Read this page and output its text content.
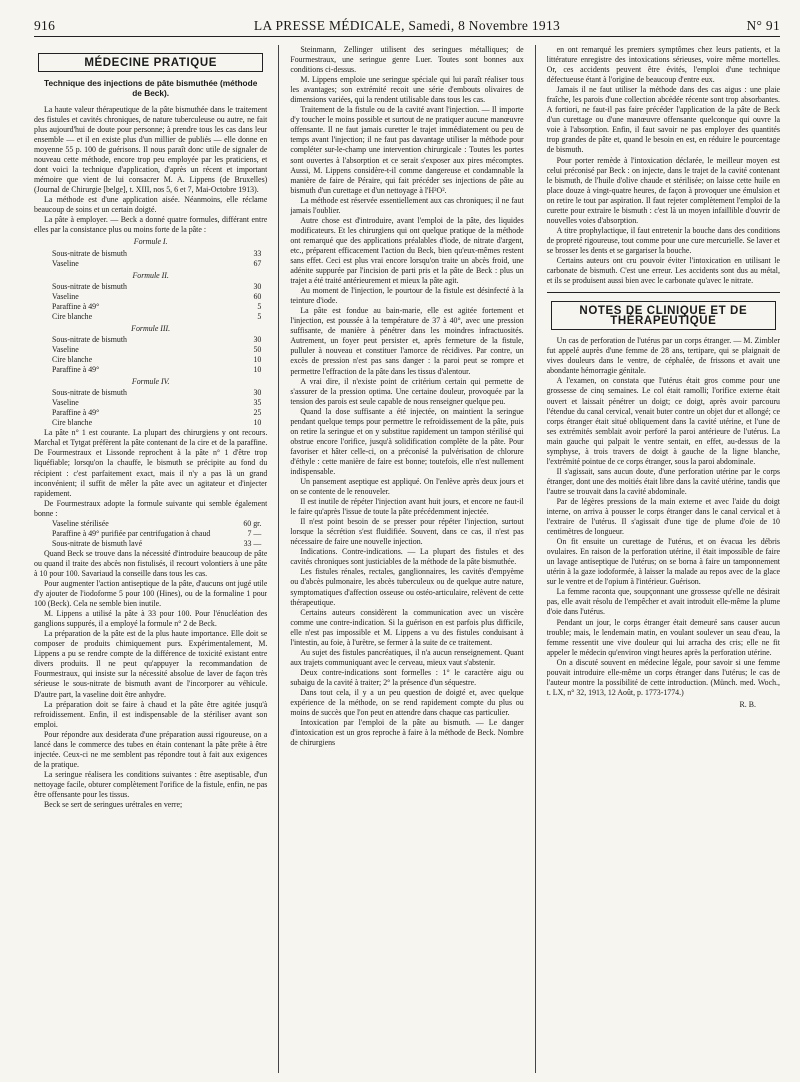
916	LA PRESSE MÉDICALE, Samedi, 8 Novembre 1913	N° 91
MÉDECINE PRATIQUE
Technique des injections de pâte bismuthée (méthode de Beck).

La haute valeur thérapeutique de la pâte bismuthée dans le traitement des fistules et cavités chroniques, de nature tuberculeuse ou autre, ne fait plus aujourd'hui de doute pour personne; à prendre tous les cas dans leur ensemble — et il en existe plus d'un millier de publiés — elle donne en moyenne 55 p. 100 de guérisons. Il nous paraît donc utile de signaler de nouveau cette méthode, encore trop peu employée par les praticiens, et dont voici la technique d'application, d'après un récent et important mémoire que vient de lui consacrer M. A. Lippens (de Bruxelles) (Journal de Chirurgie [belge], t. XIII, nos 5, 6 et 7, Mai-Octobre 1913).

La méthode est d'une application aisée. Néanmoins, elle réclame beaucoup de soins et un certain doigté.

La pâte à employer. — Beck a donné quatre formules, différant entre elles par la consistance plus ou moins forte de la pâte :

Formule I.
Sous-nitrate de bismuth	33
Vaseline	67
Formule II.
Sous-nitrate de bismuth	30
Vaseline	60
Paraffine à 49°	5
Cire blanche	5
Formule III.
Sous-nitrate de bismuth	30
Vaseline	50
Cire blanche	10
Paraffine à 49°	10
Formule IV.
Sous-nitrate de bismuth	30
Vaseline	35
Paraffine à 49°	25
Cire blanche	10

La pâte n° 1 est courante. La plupart des chirurgiens y ont recours. Marchal et Tytgat préfèrent la pâte contenant de la cire et de la paraffine. De Fourmestraux et Lissonde reprochent à la pâte n° 1 d'être trop liquéfiable; lorsqu'on la chauffe, le bismuth se précipite au fond du récipient : c'est parfaitement exact, mais il n'y a pas là un grand inconvénient; il suffit de mêler la pâte avec un agitateur et d'injecter rapidement.

De Fourmestraux adopte la formule suivante qui semble également bonne :

Vaseline stérilisée	60 gr.
Paraffine à 49° purifiée par centrifugation à chaud	7 —
Sous-nitrate de bismuth lavé	33 —

Quand Beck se trouve dans la nécessité d'introduire beaucoup de pâte ou quand il traite des abcès non fistulisés, il recourt volontiers à une pâte à 10 pour 100. Savariaud la conseille dans tous les cas.

Pour augmenter l'action antiseptique de la pâte, d'aucuns ont jugé utile d'y ajouter de l'iodoforme 5 pour 100 (Hines), ou de la formaline 1 pour 100 (Beck). Cela ne semble bien inutile.

M. Lippens a utilisé la pâte à 33 pour 100. Pour l'énucléation des ganglions suppurés, il a employé la formule n° 2 de Beck.

La préparation de la pâte est de la plus haute importance. Elle doit se composer de produits chimiquement purs. Expérimentalement, M. Lippens a pu se rendre compte de la différence de toxicité existant entre divers produits. Il ne peut qu'appuyer la recommandation de Fourmestraux, qui insiste sur la nécessité absolue de laver de façon très sérieuse le sous-nitrate de bismuth avant de l'incorporer au véhicule. D'autre part, la vaseline doit être anhydre.

La préparation doit se faire à chaud et la pâte être agitée jusqu'à refroidissement. Enfin, il est indispensable de la stériliser avant son emploi.

Pour répondre aux desiderata d'une préparation aussi rigoureuse, on a lancé dans le commerce des tubes en étain contenant la pâte prête à être injectée. Ceux-ci ne me semblent pas répondre tout à fait aux exigences de la pratique.

La seringue réalisera les conditions suivantes : être aseptisable, d'un nettoyage facile, obturer complètement l'orifice de la fistule, enfin, ne pas être offensante pour les tissus.

Beck se sert de seringues urétrales en verre;

Steinmann, Zellinger utilisent des seringues métalliques; de Fourmestraux, une seringue genre Luer. Toutes sont bonnes aux conditions ci-dessus.

M. Lippens emploie une seringue spéciale qui lui paraît réaliser tous les avantages; son extrémité recoit une série d'embouts olivaires de dimensions variées, qui la rendent utilisable dans tous les cas.

Traitement de la fistule ou de la cavité avant l'injection. — Il importe d'y toucher le moins possible et surtout de ne pratiquer aucune manœuvre offensante. Il ne faut jamais curetter le trajet immédiatement ou peu de temps avant l'injection; il ne faut pas davantage utiliser la méthode pour compléter sur-le-champ une intervention chirurgicale : Toutes les portes sont ouvertes à l'absorption et ce serait s'exposer aux pires mécomptes. Aussi, M. Lippens considère-t-il comme dangereuse et condamnable la manière de faire de Péraire, qui fait précéder ses injections de pâte au bismuth d'un curettage et d'un nettoyage à l'H²O².

La méthode est réservée essentiellement aux cas chroniques; il ne faut jamais l'oublier.

Autre chose est d'introduire, avant l'emploi de la pâte, des liquides modificateurs. Et les chirurgiens qui ont quelque pratique de la méthode ont remarqué que des applications préalables d'iode, de nitrate d'argent, etc., préparent efficacement l'action du Beck, bien qu'eux-mêmes restent sans effet. Ceci est plus vrai encore lorsqu'on traite un abcès froid, une adénite suppurée par l'incision de parti pris et la pâte de Beck : plus un trajet a été traité antérieurement et mieux la pâte agit.

Au moment de l'injection, le pourtour de la fistule est désinfecté à la teinture d'iode.

La pâte est fondue au bain-marie, elle est agitée fortement et l'injection, est poussée à la température de 37 à 40°, avec une pression suffisante, de manière à pénétrer dans les moindres infractuosités. Autrement, un foyer peut persister et, après fermeture de la fistule, pulluler à nouveau et constituer l'amorce de récidives. Par contre, un excès de pression n'est pas sans danger : la paroi peut se rompre et permettre l'effraction de la pâte dans les tissus d'alentour.

A vrai dire, il n'existe point de critérium certain qui permette de s'assurer de la pression optima. Une certaine douleur, provoquée par la tension des parois est seule capable de nous renseigner quelque peu.

Quand la dose suffisante a été injectée, on maintient la seringue pendant quelque temps pour permettre le refroidissement de la pâte, puis on retire la seringue et on y substitue rapidement un tampon stérilisé qui obstrue encore l'orifice, jusqu'à solidification complète de la pâte. Pour favoriser et hâter celle-ci, on a préconisé la pulvérisation de chlorure d'éthyle : cette manière de faire est bonne; toutefois, elle n'est nullement indispensable.

Un pansement aseptique est appliqué. On l'enlève après deux jours et on se contente de le renouveler.

Il est inutile de répéter l'injection avant huit jours, et encore ne faut-il le faire qu'après l'issue de toute la pâte précédemment injectée.

Il n'est point besoin de se presser pour répéter l'injection, surtout lorsque la sécrétion s'est fluidifiée. Souvent, dans ce cas, il n'est pas nécessaire de faire une nouvelle injection.

Indications. Contre-indications. — La plupart des fistules et des cavités chroniques sont justiciables de la méthode de la pâte bismuthée.

Les fistules rénales, rectales, ganglionnaires, les cavités d'empyème ou d'abcès pulmonaire, les abcès tuberculeux ou de quelque autre nature, symptomatiques d'affection osseuse ou ostéo-articulaire, relèvent de cette thérapeutique.

Certains auteurs considèrent la communication avec un viscère comme une contre-indication. Si la guérison en est parfois plus difficile, elle n'est pas impossible et M. Lippens a vu des fistules conduisant à l'intestin, au foie, à l'urètre, se fermer à la suite de ce traitement.

Au sujet des fistules pancréatiques, il n'a aucun renseignement. Quant aux trajets communiquant avec le cerveau, mieux vaut s'abstenir.

Deux contre-indications sont formelles : 1° le caractère aigu ou subaigu de la cavité à traiter; 2° la présence d'un séquestre.

Dans tout cela, il y a un peu question de doigté et, avec quelque expérience de la méthode, on se rend rapidement compte du plus ou moins de succès que l'on peut en attendre dans chaque cas particulier.

Intoxication par l'emploi de la pâte au bismuth. — Le danger d'intoxication est un gros reproche à faire à la méthode de Beck. Nombre de chirurgiens

en ont remarqué les premiers symptômes chez leurs patients, et la littérature enregistre des intoxications sérieuses, voire même mortelles. Or, ces accidents peuvent être évités, l'emploi d'une technique défectueuse étant à l'origine de beaucoup d'entre eux.

Jamais il ne faut utiliser la méthode dans des cas aigus : une plaie fraîche, les parois d'une collection abcédée récente sont trop absorbantes. A fortiori, ne faut-il pas faire précéder l'application de la pâte de Beck d'un curettage ou d'une manœuvre offensante quelconque qui ouvre la voie à l'absorption. Enfin, il faut savoir ne pas employer des quantités trop grandes de pâte et, quand le besoin en est, en réduire le pourcentage de bismuth.

Pour porter remède à l'intoxication déclarée, le meilleur moyen est celui préconisé par Beck : on injecte, dans le trajet de la cavité contenant le bismuth, de l'huile d'olive chaude et stérilisée; on laisse cette huile en place douze à vingt-quatre heures, de façon à provoquer une émulsion et on retire le tout par aspiration. Il faut rejeter complètement l'emploi de la curette pour extraire le bismuth : c'est là un moyen infaillible d'ouvrir de nouvelles voies d'absorption.

A titre prophylactique, il faut entretenir la bouche dans des conditions de propreté rigoureuse, tout comme pour une cure mercurielle. Se laver et se brosser les dents et se gargariser la bouche.

Certains auteurs ont cru pouvoir éviter l'intoxication en utilisant le carbonate de bismuth. C'est une erreur. Les accidents sont dus au métal, et ils se produisent aussi bien avec le carbonate qu'avec le nitrate.

NOTES DE CLINIQUE ET DE THÉRAPEUTIQUE

Un cas de perforation de l'utérus par un corps étranger. — M. Zimbler fut appelé auprès d'une femme de 28 ans, tertipare, qui se plaignait de vives douleurs dans le ventre, de céphalée, de frissons et avait une abondante hémorragie génitale.

A l'examen, on constata que l'utérus était gros comme pour une grossesse de cinq semaines. Le col était ramolli; l'orifice externe était ouvert et laissait pénétrer un doigt; ce doigt, après avoir parcouru l'étendue du canal cervical, venait buter contre un objet dur et allongé; ce corps étranger était situé obliquement dans la cavité utérine, et l'une de ses extrémités semblait avoir perforé la paroi antérieure de l'utérus. La main gauche qui palpait le ventre sentait, en effet, au-dessus de la symphyse, à trois travers de doigt à gauche de la ligne blanche, l'extrémité pointue de ce corps étranger, sous la paroi abdominale.

Il s'agissait, sans aucun doute, d'une perforation utérine par le corps étranger, dont une des moitiés était libre dans la cavité utérine, tandis que l'autre se trouvait dans la cavité abdominale.

Par de légères pressions de la main externe et avec l'aide du doigt interne, on arriva à pousser le corps étranger dans le canal cervical et à l'extraire de l'utérus. Il s'agissait d'une tige de plume d'oie de 10 centimètres de longueur.

On fit ensuite un curettage de l'utérus, et on évacua les débris ovulaires. En raison de la perforation utérine, il était impossible de faire un lavage antiseptique de l'utérus; on se borna à faire un tamponnement utérin à la gaze iodoformée, à laisser la malade au repos avec de la glace sur le ventre et de l'opium à l'intérieur. Guérison.

La femme raconta que, soupçonnant une grossesse qu'elle ne désirait pas, elle avait résolu de l'empêcher et avait introduit elle-même la plume d'oie dans l'utérus.

Pendant un jour, le corps étranger était demeuré sans causer aucun trouble; mais, le lendemain matin, en voulant soulever un seau d'eau, la femme ressentit une vive douleur qui lui arracha des cris; elle ne fit appeler le médecin qu'environ vingt heures après la perforation utérine.

On a discuté souvent en médecine légale, pour savoir si une femme pouvait introduire elle-même un corps étranger dans l'utérus; le cas de l'auteur montre la possibilité de cette introduction. (Münch. med. Woch., t. LX, n° 32, 1913, 12 Août, p. 1773-1774.)

R. B.
